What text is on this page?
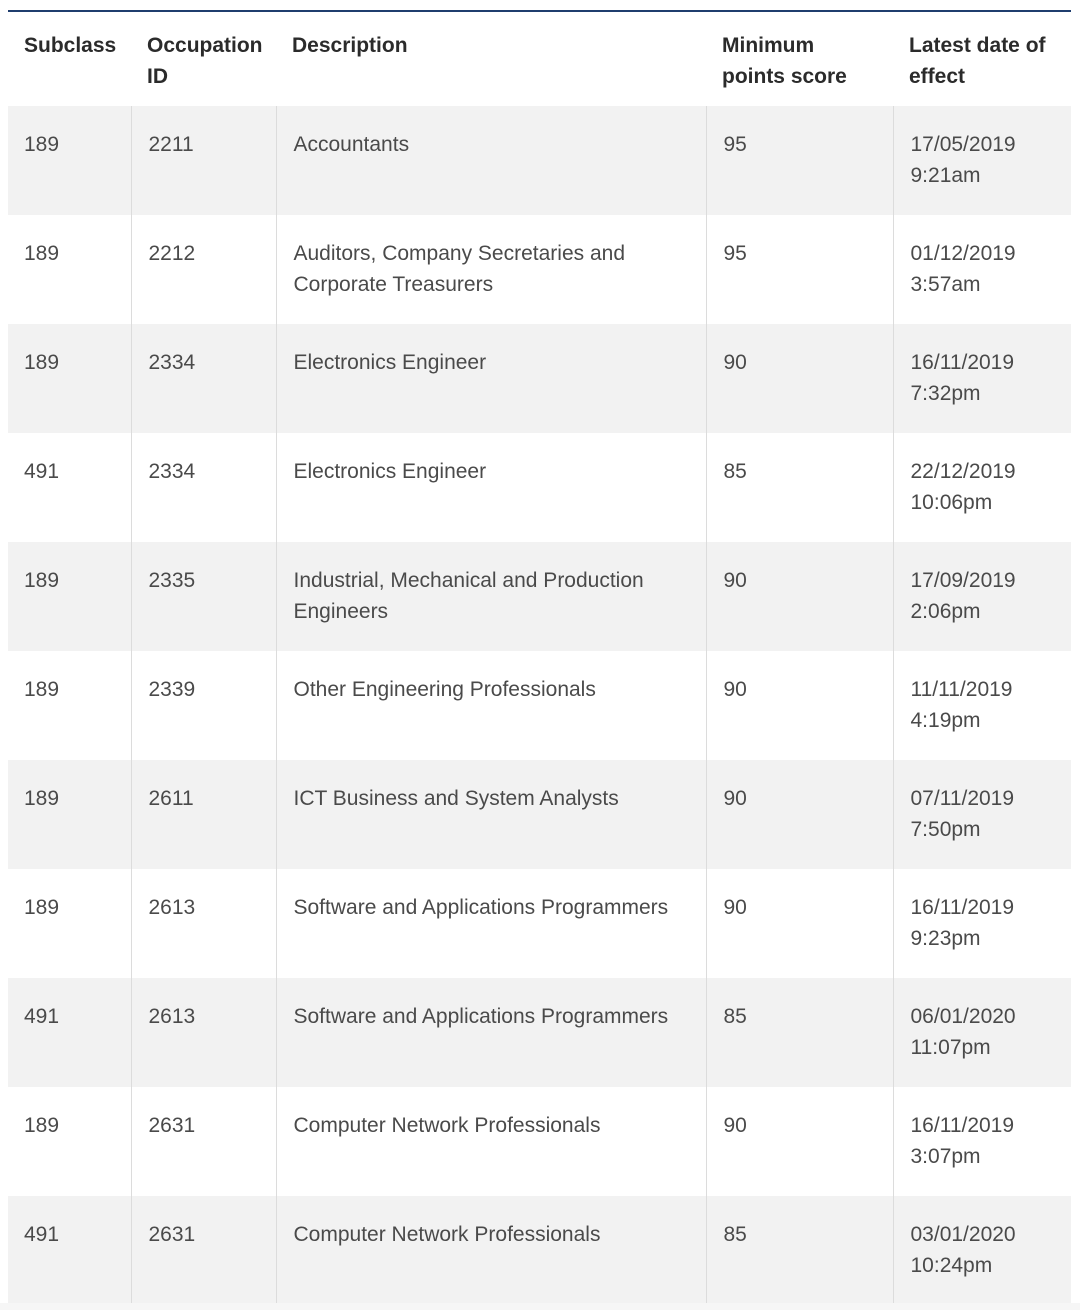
Subclass	Occupation ID	Description	Minimum points score	Latest date of effect
189	2211	Accountants	95	17/05/2019 9:21am
189	2212	Auditors, Company Secretaries and Corporate Treasurers	95	01/12/2019 3:57am
189	2334	Electronics Engineer	90	16/11/2019 7:32pm
491	2334	Electronics Engineer	85	22/12/2019 10:06pm
189	2335	Industrial, Mechanical and Production Engineers	90	17/09/2019 2:06pm
189	2339	Other Engineering Professionals	90	11/11/2019 4:19pm
189	2611	ICT Business and System Analysts	90	07/11/2019 7:50pm
189	2613	Software and Applications Programmers	90	16/11/2019 9:23pm
491	2613	Software and Applications Programmers	85	06/01/2020 11:07pm
189	2631	Computer Network Professionals	90	16/11/2019 3:07pm
491	2631	Computer Network Professionals	85	03/01/2020 10:24pm
